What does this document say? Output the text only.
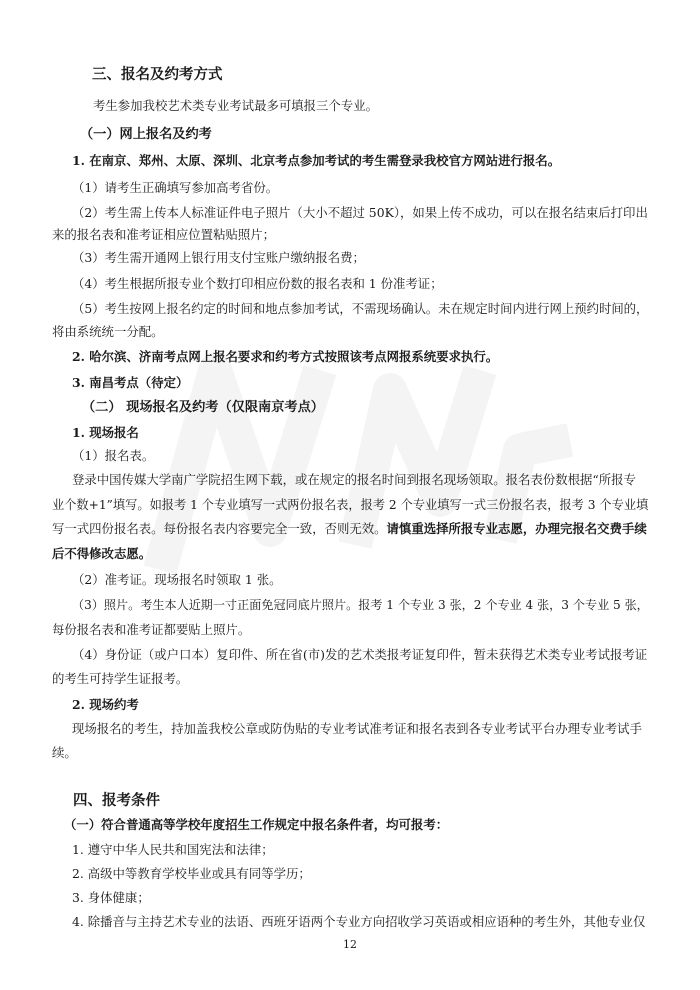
三、报名及约考方式
考生参加我校艺术类专业考试最多可填报三个专业。
（一）网上报名及约考
1. 在南京、郑州、太原、深圳、北京考点参加考试的考生需登录我校官方网站进行报名。
（1）请考生正确填写参加高考省份。
（2）考生需上传本人标准证件电子照片（大小不超过 50K），如果上传不成功，可以在报名结束后打印出
来的报名表和准考证相应位置粘贴照片；
（3）考生需开通网上银行用支付宝账户缴纳报名费；
（4）考生根据所报专业个数打印相应份数的报名表和 1 份准考证；
（5）考生按网上报名约定的时间和地点参加考试，不需现场确认。未在规定时间内进行网上预约时间的，
将由系统统一分配。
2. 哈尔滨、济南考点网上报名要求和约考方式按照该考点网报系统要求执行。
3. 南昌考点（待定）
（二） 现场报名及约考（仅限南京考点）
1. 现场报名
（1）报名表。
登录中国传媒大学南广学院招生网下载，或在规定的报名时间到报名现场领取。报名表份数根据“所报专
业个数+1”填写。如报考 1 个专业填写一式两份报名表，报考 2 个专业填写一式三份报名表，报考 3 个专业填
写一式四份报名表。每份报名表内容要完全一致，否则无效。请慎重选择所报专业志愿，办理完报名交费手续
后不得修改志愿。
（2）准考证。现场报名时领取 1 张。
（3）照片。考生本人近期一寸正面免冠同底片照片。报考 1 个专业 3 张，2 个专业 4 张，3 个专业 5 张，
每份报名表和准考证都要贴上照片。
（4）身份证（或户口本）复印件、所在省(市)发的艺术类报考证复印件，暂未获得艺术类专业考试报考证
的考生可持学生证报考。
2. 现场约考
现场报名的考生，持加盖我校公章或防伪贴的专业考试准考证和报名表到各专业考试平台办理专业考试手
续。
四、报考条件
（一）符合普通高等学校年度招生工作规定中报名条件者，均可报考：
1. 遵守中华人民共和国宪法和法律；
2. 高级中等教育学校毕业或具有同等学历；
3. 身体健康；
4. 除播音与主持艺术专业的法语、西班牙语两个专业方向招收学习英语或相应语种的考生外，其他专业仅
12
